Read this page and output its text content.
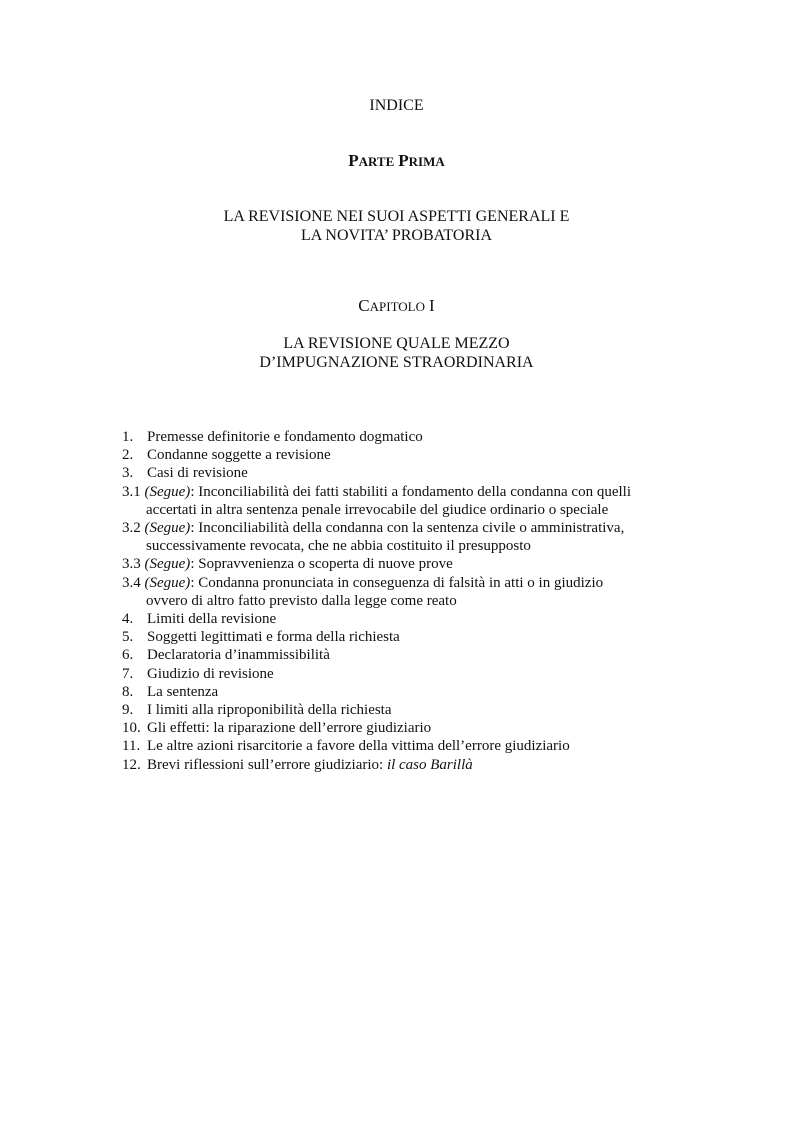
INDICE
PARTE PRIMA
LA REVISIONE NEI SUOI ASPETTI GENERALI E
LA NOVITA’ PROBATORIA
CAPITOLO I
LA REVISIONE QUALE MEZZO
D’IMPUGNAZIONE STRAORDINARIA
1. Premesse definitorie e fondamento dogmatico
2. Condanne soggette a revisione
3. Casi di revisione
3.1 (Segue): Inconciliabilità dei fatti stabiliti a fondamento della condanna con quelli
accertati in altra sentenza penale irrevocabile del giudice ordinario o speciale
3.2 (Segue): Inconciliabilità della condanna con la sentenza civile o amministrativa,
successivamente revocata, che ne abbia costituito il presupposto
3.3 (Segue): Sopravvenienza o scoperta di nuove prove
3.4 (Segue): Condanna pronunciata in conseguenza di falsità in atti o in giudizio
ovvero di altro fatto previsto dalla legge come reato
4. Limiti della revisione
5. Soggetti legittimati e forma della richiesta
6. Declaratoria d’inammissibilità
7. Giudizio di revisione
8. La sentenza
9. I limiti alla riproponibilità della richiesta
10. Gli effetti: la riparazione dell’errore giudiziario
11. Le altre azioni risarcitorie a favore della vittima dell’errore giudiziario
12. Brevi riflessioni sull’errore giudiziario: il caso Barillà
